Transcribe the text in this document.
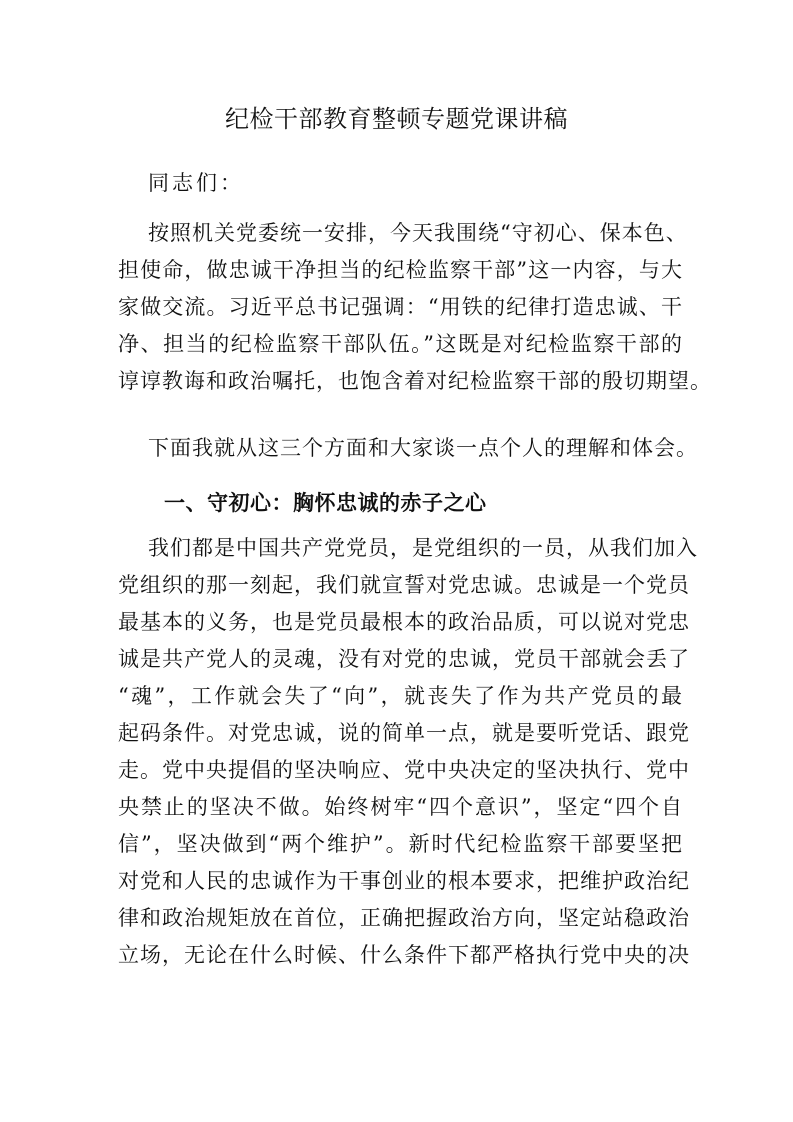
纪检干部教育整顿专题党课讲稿
同志们：
按照机关党委统一安排，今天我围绕“守初心、保本色、
担使命，做忠诚干净担当的纪检监察干部”这一内容，与大
家做交流。习近平总书记强调：“用铁的纪律打造忠诚、干
净、担当的纪检监察干部队伍。”这既是对纪检监察干部的
谆谆教诲和政治嘱托，也饱含着对纪检监察干部的殷切期望。
下面我就从这三个方面和大家谈一点个人的理解和体会。
一、守初心：胸怀忠诚的赤子之心
我们都是中国共产党党员，是党组织的一员，从我们加入
党组织的那一刻起，我们就宣誓对党忠诚。忠诚是一个党员
最基本的义务，也是党员最根本的政治品质，可以说对党忠
诚是共产党人的灵魂，没有对党的忠诚，党员干部就会丢了
“魂”，工作就会失了“向”，就丧失了作为共产党员的最
起码条件。对党忠诚，说的简单一点，就是要听党话、跟党
走。党中央提倡的坚决响应、党中央决定的坚决执行、党中
央禁止的坚决不做。始终树牢“四个意识”，坚定“四个自
信”，坚决做到“两个维护”。新时代纪检监察干部要坚把
对党和人民的忠诚作为干事创业的根本要求，把维护政治纪
律和政治规矩放在首位，正确把握政治方向，坚定站稳政治
立场，无论在什么时候、什么条件下都严格执行党中央的决
